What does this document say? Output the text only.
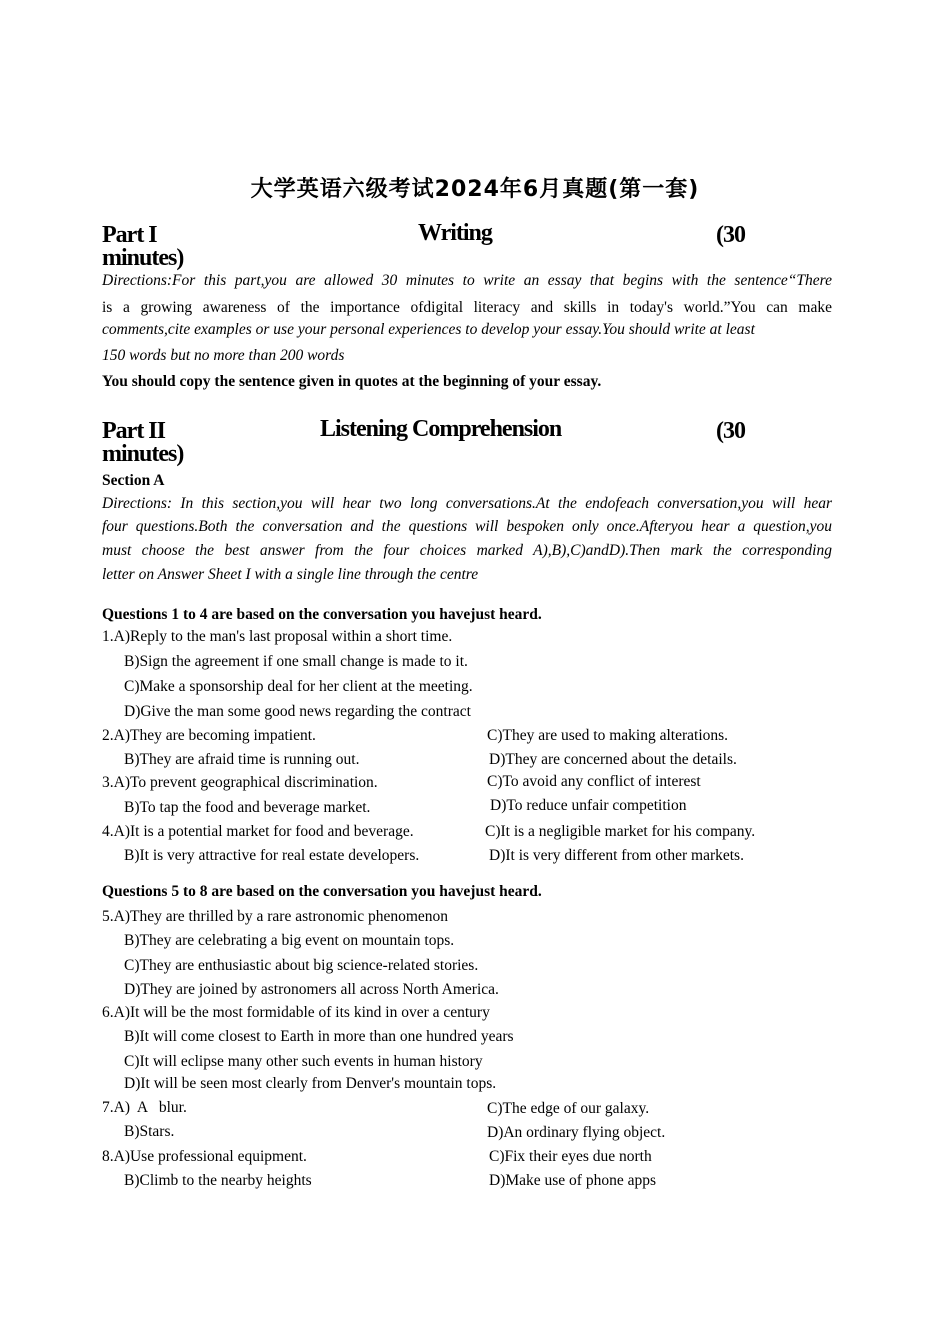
大学英语六级考试2024年6月真题(第一套)
Part I	Writing	(30
minutes)
Directions:For this part,you are allowed 30 minutes to write an essay that begins with the sentence“There
is a growing awareness of the importance ofdigital literacy and skills in today's world.”You can make
comments,cite examples or use your personal experiences to develop your essay.You should write at least
150 words but no more than 200 words
You should copy the sentence given in quotes at the beginning of your essay.
Part II	Listening Comprehension	(30
minutes)
Section A
Directions: In this section,you will hear two long conversations.At the endofeach conversation,you will hear
four questions.Both the conversation and the questions will bespoken only once.Afteryou hear a question,you
must choose the best answer from the four choices marked A),B),C)andD).Then mark the corresponding
letter on Answer Sheet I with a single line through the centre
Questions 1 to 4 are based on the conversation you havejust heard.
1.A)Reply to the man's last proposal within a short time.
B)Sign the agreement if one small change is made to it.
C)Make a sponsorship deal for her client at the meeting.
D)Give the man some good news regarding the contract
2.A)They are becoming impatient.	C)They are used to making alterations.
B)They are afraid time is running out.	D)They are concerned about the details.
3.A)To prevent geographical discrimination.	C)To avoid any conflict of interest
B)To tap the food and beverage market.	D)To reduce unfair competition
4.A)It is a potential market for food and beverage.	C)It is a negligible market for his company.
B)It is very attractive for real estate developers.	D)It is very different from other markets.
Questions 5 to 8 are based on the conversation you havejust heard.
5.A)They are thrilled by a rare astronomic phenomenon
B)They are celebrating a big event on mountain tops.
C)They are enthusiastic about big science-related stories.
D)They are joined by astronomers all across North America.
6.A)It will be the most formidable of its kind in over a century
B)It will come closest to Earth in more than one hundred years
C)It will eclipse many other such events in human history
D)It will be seen most clearly from Denver's mountain tops.
7.A)  A   blur.	C)The edge of our galaxy.
B)Stars.	D)An ordinary flying object.
8.A)Use professional equipment.	C)Fix their eyes due north
B)Climb to the nearby heights	D)Make use of phone apps
